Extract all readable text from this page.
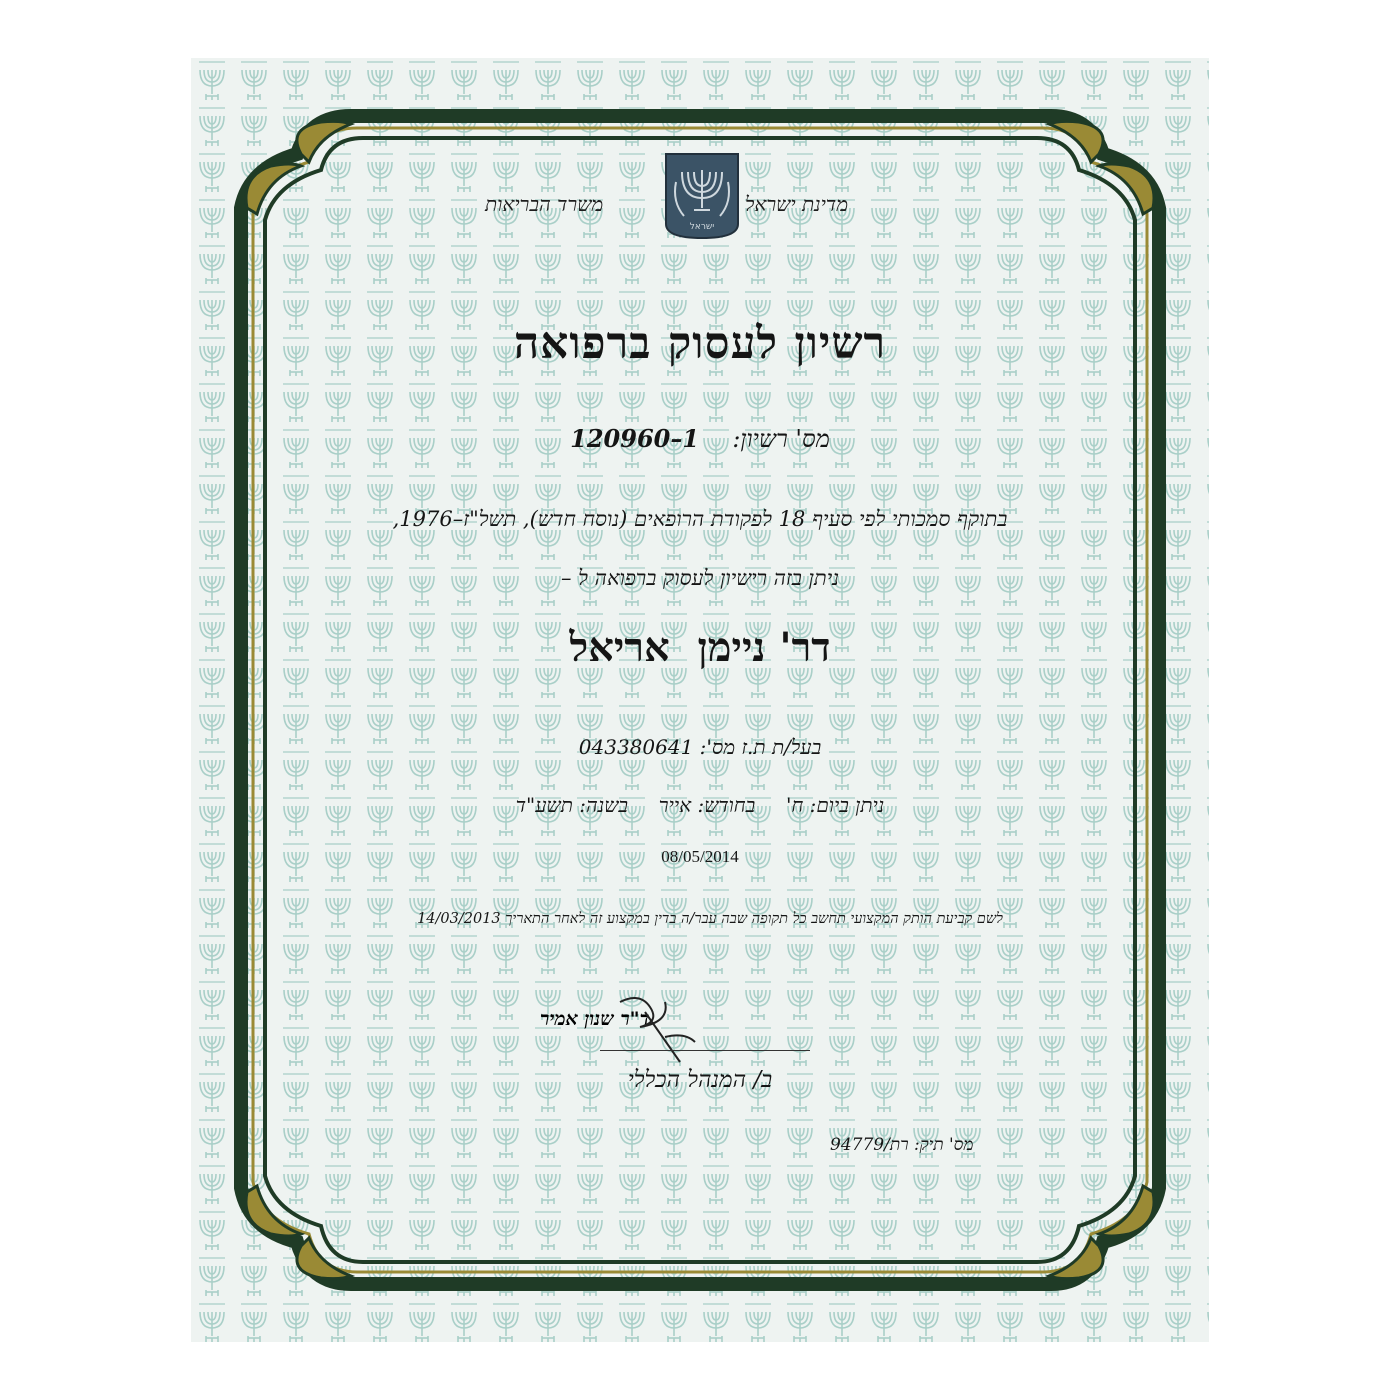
מדינת ישראל
משרד הבריאות
ישראל
רשיון לעסוק ברפואה
מס' רשיון:  1–120960
בתוקף סמכותי לפי סעיף 18 לפקודת הרופאים (נוסח חדש), תשל"ז–1976,
ניתן בזה רישיון לעסוק ברפואה ל –
דר' ניימן  אריאל
בעל/ת ת.ז מס': 043380641
ניתן ביום: ח'  בחודש: אייר  בשנה: תשע"ד
08/05/2014
לשם קביעת הותק המקצועי תחשב כל תקופה שבה עבר/ה בדין במקצוע זה לאחר התאריך 14/03/2013
ד"ר שנון אמיר
ב/ המנהל הכללי
מס' תיק: רת/94779
